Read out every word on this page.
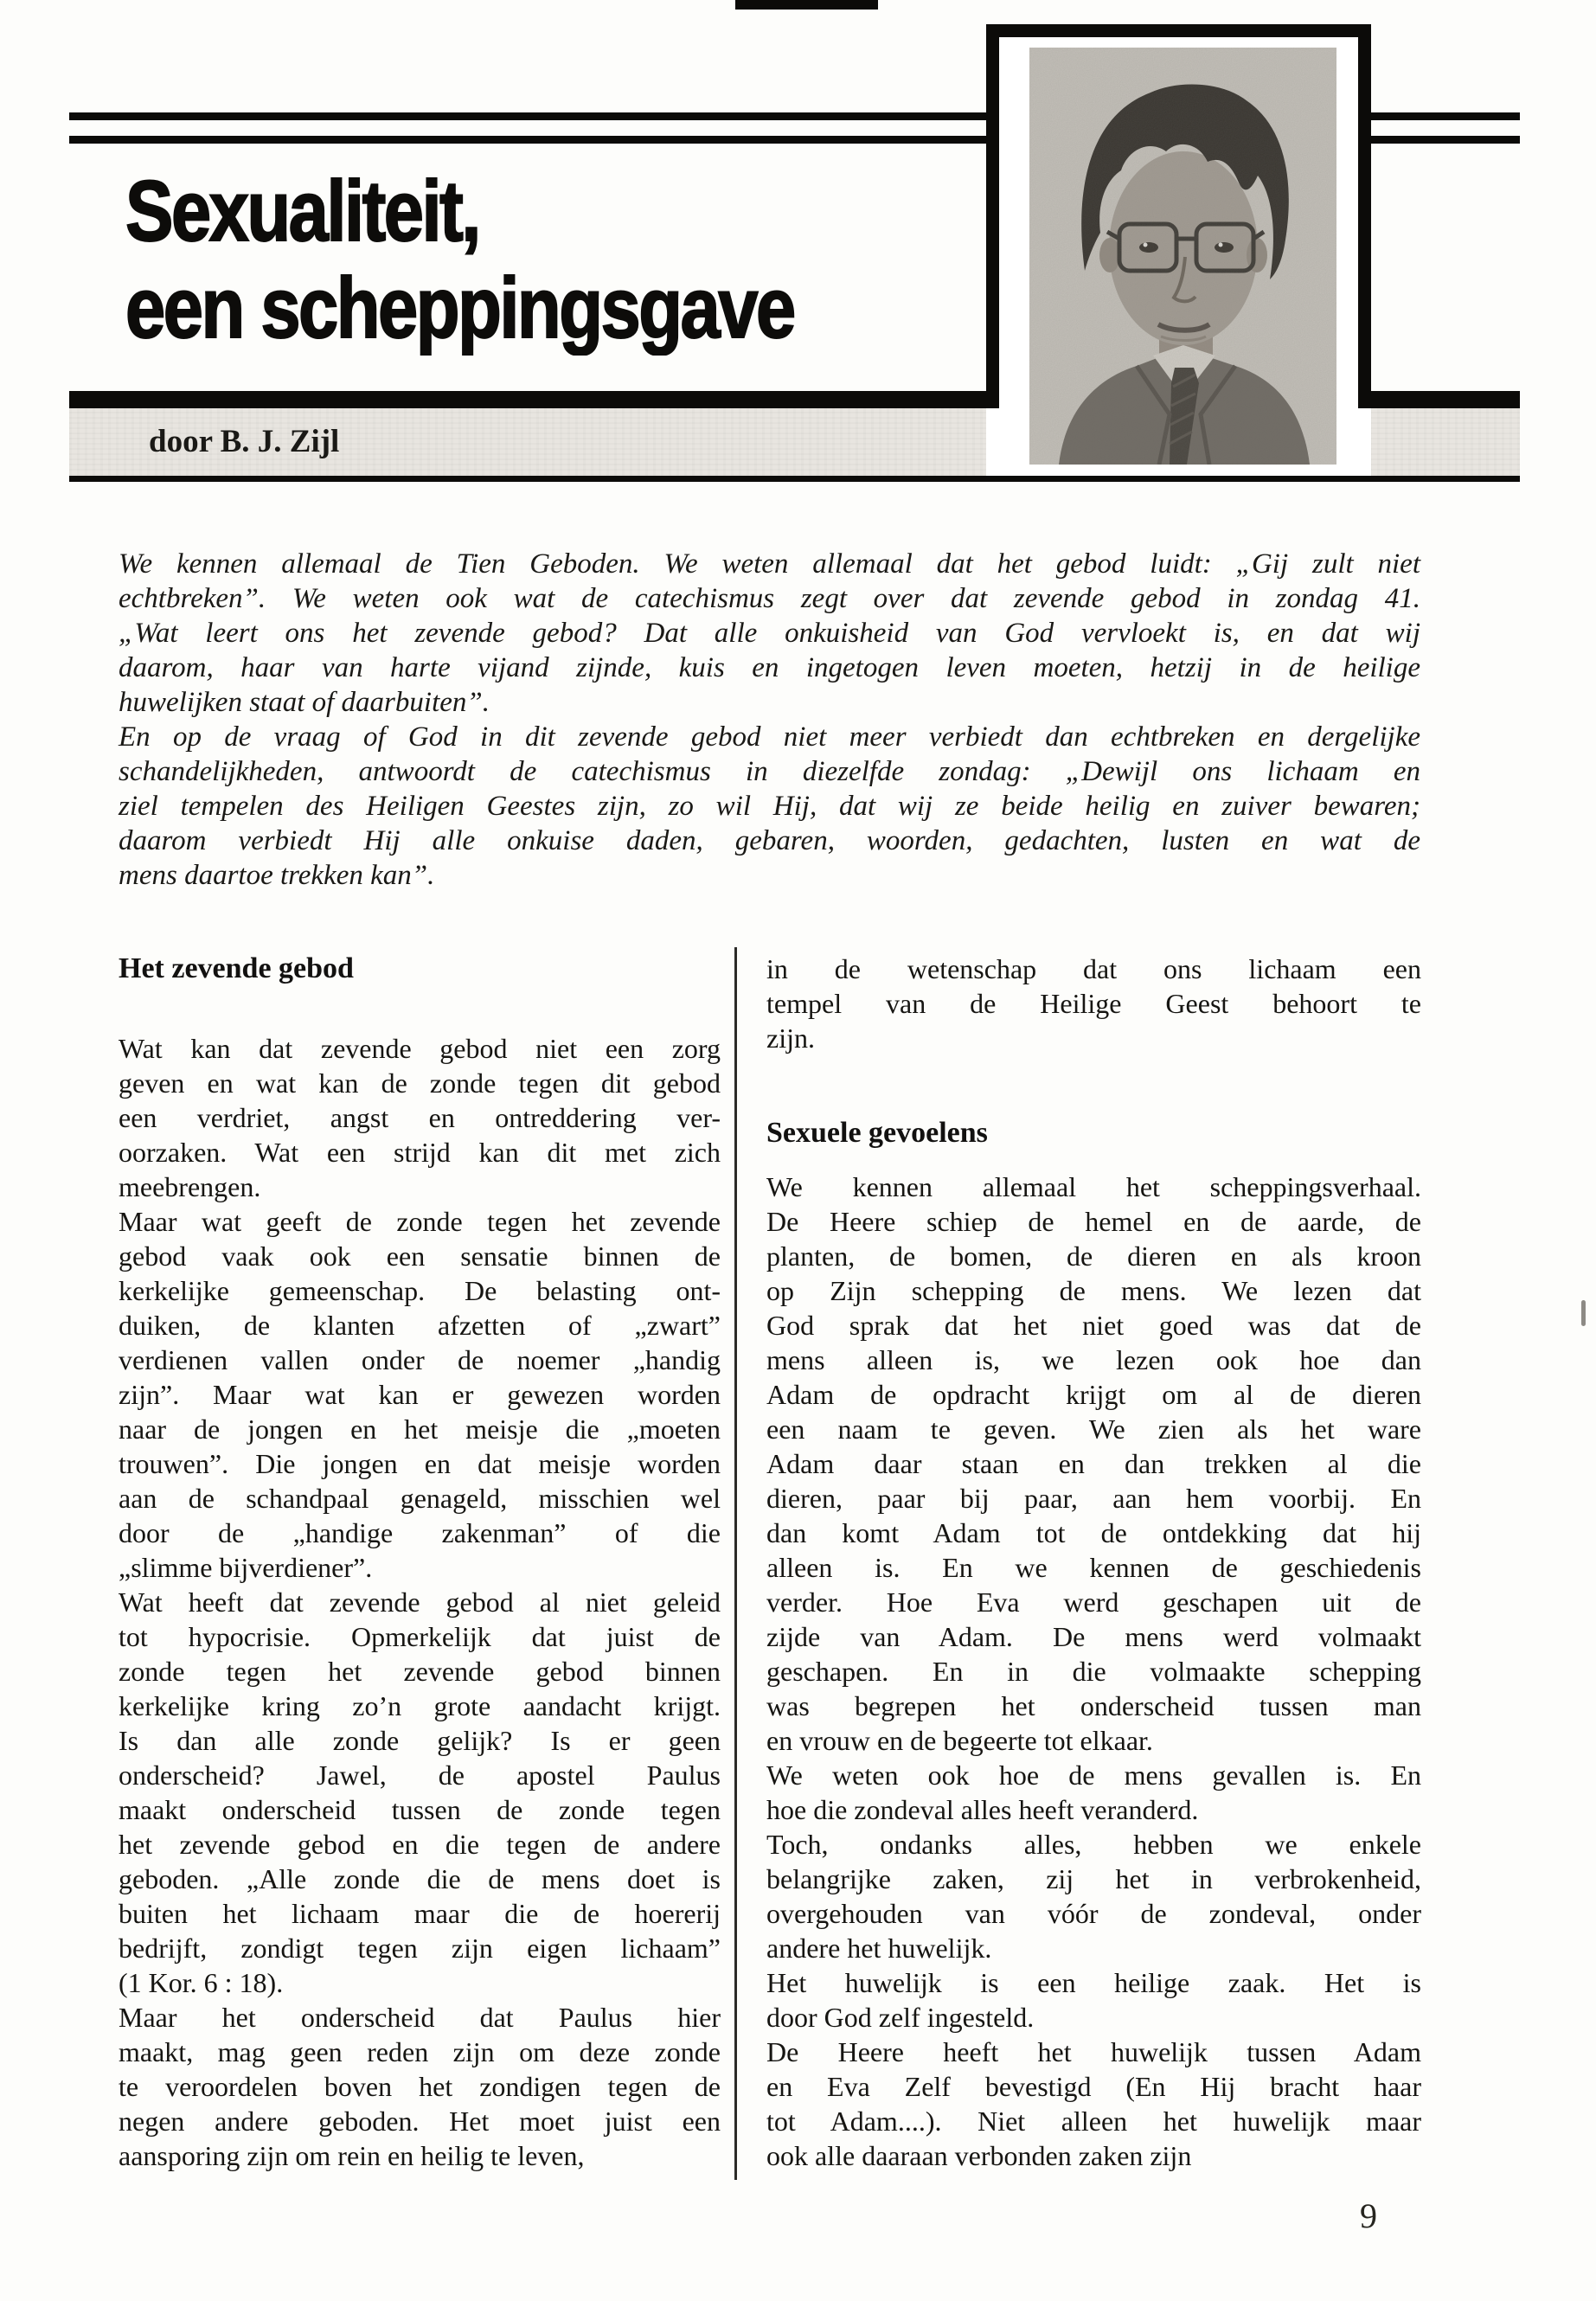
Sexualiteit,
een scheppingsgave
door B. J. Zijl
We kennen allemaal de Tien Geboden. We weten allemaal dat het gebod luidt: „Gij zult niet
echtbreken”. We weten ook wat de catechismus zegt over dat zevende gebod in zondag 41.
„Wat leert ons het zevende gebod? Dat alle onkuisheid van God vervloekt is, en dat wij
daarom, haar van harte vijand zijnde, kuis en ingetogen leven moeten, hetzij in de heilige
huwelijken staat of daarbuiten”.
En op de vraag of God in dit zevende gebod niet meer verbiedt dan echtbreken en dergelijke
schandelijkheden, antwoordt de catechismus in diezelfde zondag: „Dewijl ons lichaam en
ziel tempelen des Heiligen Geestes zijn, zo wil Hij, dat wij ze beide heilig en zuiver bewaren;
daarom verbiedt Hij alle onkuise daden, gebaren, woorden, gedachten, lusten en wat de
mens daartoe trekken kan”.
Het zevende gebod
Wat kan dat zevende gebod niet een zorg
geven en wat kan de zonde tegen dit gebod
een verdriet, angst en ontreddering ver-
oorzaken. Wat een strijd kan dit met zich
meebrengen.
Maar wat geeft de zonde tegen het zevende
gebod vaak ook een sensatie binnen de
kerkelijke gemeenschap. De belasting ont-
duiken, de klanten afzetten of „zwart”
verdienen vallen onder de noemer „handig
zijn”. Maar wat kan er gewezen worden
naar de jongen en het meisje die „moeten
trouwen”. Die jongen en dat meisje worden
aan de schandpaal genageld, misschien wel
door de „handige zakenman” of die
„slimme bijverdiener”.
Wat heeft dat zevende gebod al niet geleid
tot hypocrisie. Opmerkelijk dat juist de
zonde tegen het zevende gebod binnen
kerkelijke kring zo’n grote aandacht krijgt.
Is dan alle zonde gelijk? Is er geen
onderscheid? Jawel, de apostel Paulus
maakt onderscheid tussen de zonde tegen
het zevende gebod en die tegen de andere
geboden. „Alle zonde die de mens doet is
buiten het lichaam maar die de hoererij
bedrijft, zondigt tegen zijn eigen lichaam”
(1 Kor. 6 : 18).
Maar het onderscheid dat Paulus hier
maakt, mag geen reden zijn om deze zonde
te veroordelen boven het zondigen tegen de
negen andere geboden. Het moet juist een
aansporing zijn om rein en heilig te leven,
in de wetenschap dat ons lichaam een
tempel van de Heilige Geest behoort te
zijn.
Sexuele gevoelens
We kennen allemaal het scheppingsverhaal.
De Heere schiep de hemel en de aarde, de
planten, de bomen, de dieren en als kroon
op Zijn schepping de mens. We lezen dat
God sprak dat het niet goed was dat de
mens alleen is, we lezen ook hoe dan
Adam de opdracht krijgt om al de dieren
een naam te geven. We zien als het ware
Adam daar staan en dan trekken al die
dieren, paar bij paar, aan hem voorbij. En
dan komt Adam tot de ontdekking dat hij
alleen is. En we kennen de geschiedenis
verder. Hoe Eva werd geschapen uit de
zijde van Adam. De mens werd volmaakt
geschapen. En in die volmaakte schepping
was begrepen het onderscheid tussen man
en vrouw en de begeerte tot elkaar.
We weten ook hoe de mens gevallen is. En
hoe die zondeval alles heeft veranderd.
Toch, ondanks alles, hebben we enkele
belangrijke zaken, zij het in verbrokenheid,
overgehouden van vóór de zondeval, onder
andere het huwelijk.
Het huwelijk is een heilige zaak. Het is
door God zelf ingesteld.
De Heere heeft het huwelijk tussen Adam
en Eva Zelf bevestigd (En Hij bracht haar
tot Adam....). Niet alleen het huwelijk maar
ook alle daaraan verbonden zaken zijn
9
